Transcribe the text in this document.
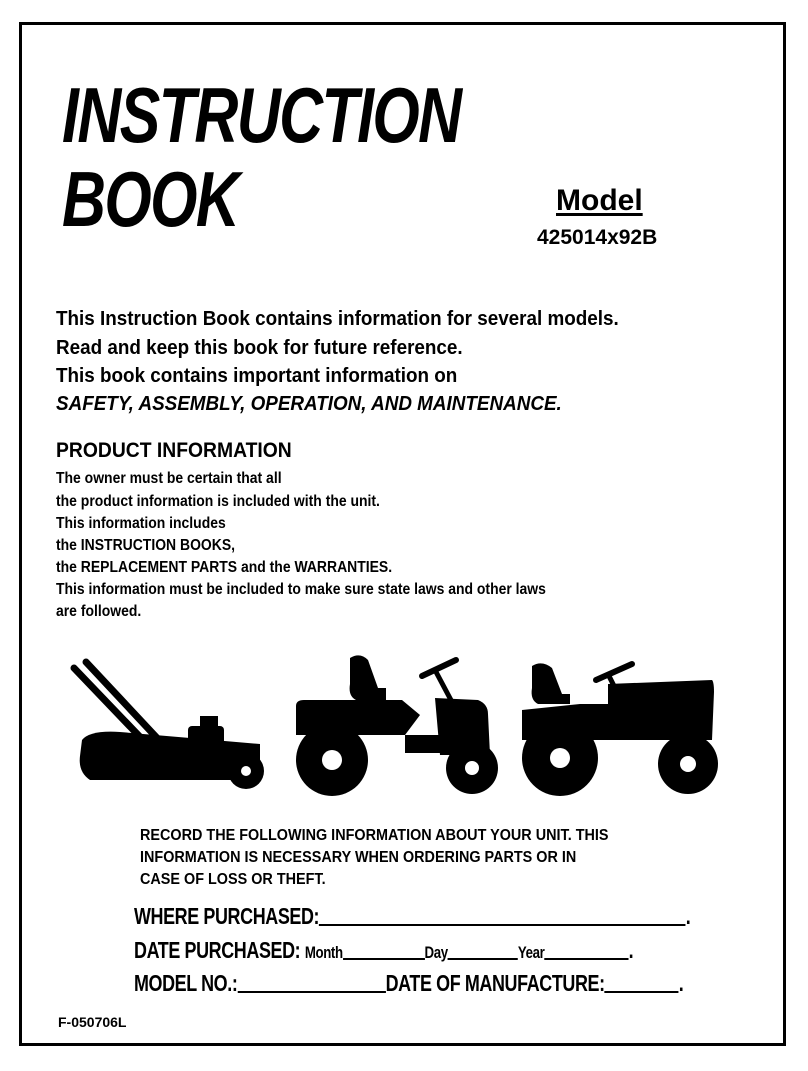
INSTRUCTION
BOOK	Model
425014x92B
This Instruction Book contains information for several models.
Read and keep this book for future reference.
This book contains important information on
SAFETY, ASSEMBLY, OPERATION, AND MAINTENANCE.
PRODUCT INFORMATION
The owner must be certain that all
the product information is included with the unit.
This information includes
the INSTRUCTION BOOKS,
the REPLACEMENT PARTS and the WARRANTIES.
This information must be included to make sure state laws and other laws
are followed.
RECORD THE FOLLOWING INFORMATION ABOUT YOUR UNIT. THIS
INFORMATION IS NECESSARY WHEN ORDERING PARTS OR IN
CASE OF LOSS OR THEFT.
WHERE PURCHASED:	.
DATE PURCHASED: Month	Day	Year	.
MODEL NO.:	DATE OF MANUFACTURE:	.
F-050706L
